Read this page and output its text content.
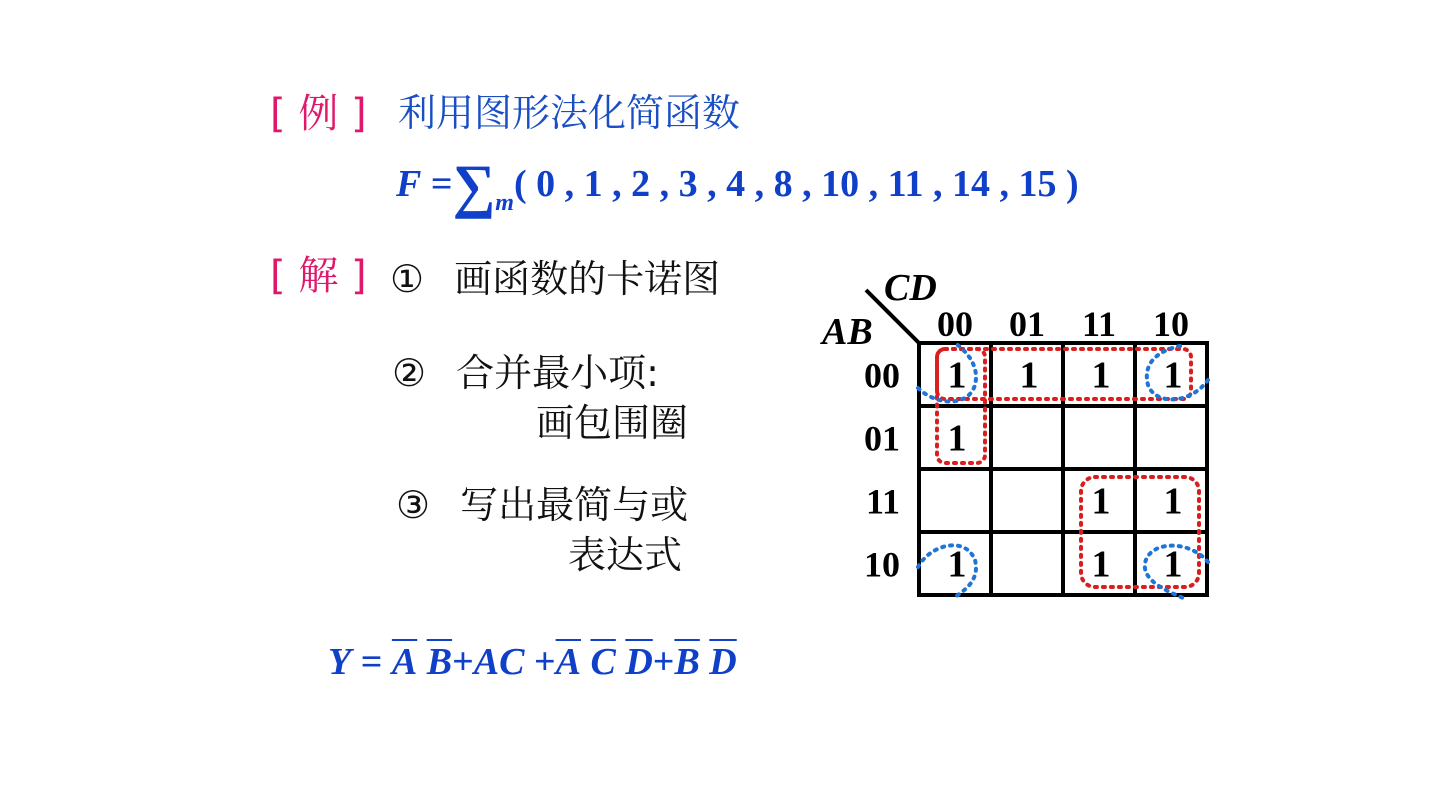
[ 例 ] 利用图形法化简函数
$F =\sum_m$( 0 , 1 , 2 , 3 , 4 , 8 , 10 , 11 , 14 , 15 )
[ 解 ] ① 画函数的卡诺图
② 合并最小项:
画包围圈
③ 写出最简与或
表达式
$Y = \overline{A}$ $\overline{B}+AC +\overline{A}$ $\overline{C}$ $\overline{D}+\overline{B}$ $\overline{D}$
CD
AB 00 01 11 10
00
01
11
10
1 1 1 1
1
1 1
1	1 1
